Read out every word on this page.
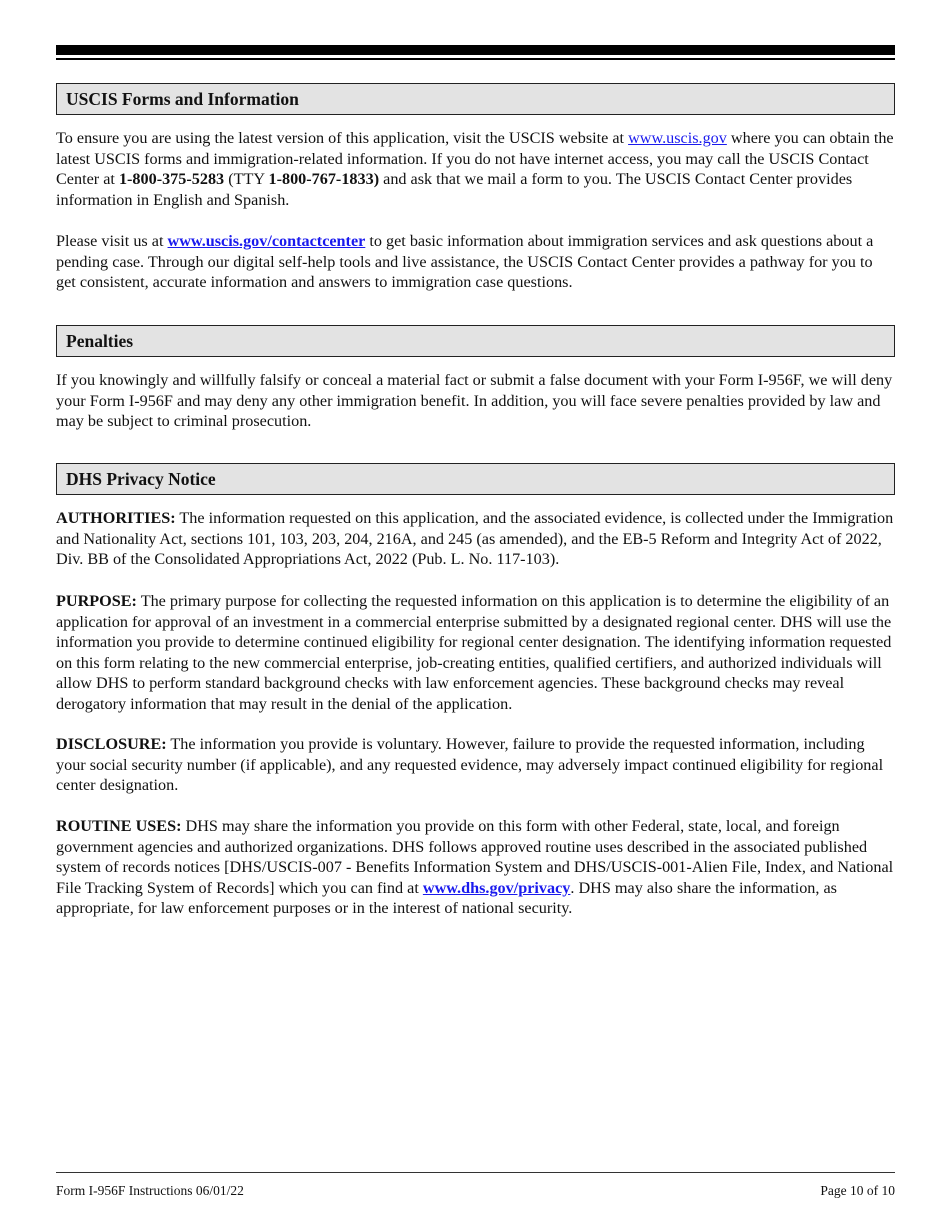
USCIS Forms and Information

To ensure you are using the latest version of this application, visit the USCIS website at www.uscis.gov where you can obtain the latest USCIS forms and immigration-related information. If you do not have internet access, you may call the USCIS Contact Center at 1-800-375-5283 (TTY 1-800-767-1833) and ask that we mail a form to you. The USCIS Contact Center provides information in English and Spanish.

Please visit us at www.uscis.gov/contactcenter to get basic information about immigration services and ask questions about a pending case. Through our digital self-help tools and live assistance, the USCIS Contact Center provides a pathway for you to get consistent, accurate information and answers to immigration case questions.

Penalties

If you knowingly and willfully falsify or conceal a material fact or submit a false document with your Form I-956F, we will deny your Form I-956F and may deny any other immigration benefit. In addition, you will face severe penalties provided by law and may be subject to criminal prosecution.

DHS Privacy Notice

AUTHORITIES: The information requested on this application, and the associated evidence, is collected under the Immigration and Nationality Act, sections 101, 103, 203, 204, 216A, and 245 (as amended), and the EB-5 Reform and Integrity Act of 2022, Div. BB of the Consolidated Appropriations Act, 2022 (Pub. L. No. 117-103).

PURPOSE: The primary purpose for collecting the requested information on this application is to determine the eligibility of an application for approval of an investment in a commercial enterprise submitted by a designated regional center. DHS will use the information you provide to determine continued eligibility for regional center designation. The identifying information requested on this form relating to the new commercial enterprise, job-creating entities, qualified certifiers, and authorized individuals will allow DHS to perform standard background checks with law enforcement agencies. These background checks may reveal derogatory information that may result in the denial of the application.

DISCLOSURE: The information you provide is voluntary. However, failure to provide the requested information, including your social security number (if applicable), and any requested evidence, may adversely impact continued eligibility for regional center designation.

ROUTINE USES: DHS may share the information you provide on this form with other Federal, state, local, and foreign government agencies and authorized organizations. DHS follows approved routine uses described in the associated published system of records notices [DHS/USCIS-007 - Benefits Information System and DHS/USCIS-001-Alien File, Index, and National File Tracking System of Records] which you can find at www.dhs.gov/privacy. DHS may also share the information, as appropriate, for law enforcement purposes or in the interest of national security.

Form I-956F Instructions 06/01/22	Page 10 of 10
